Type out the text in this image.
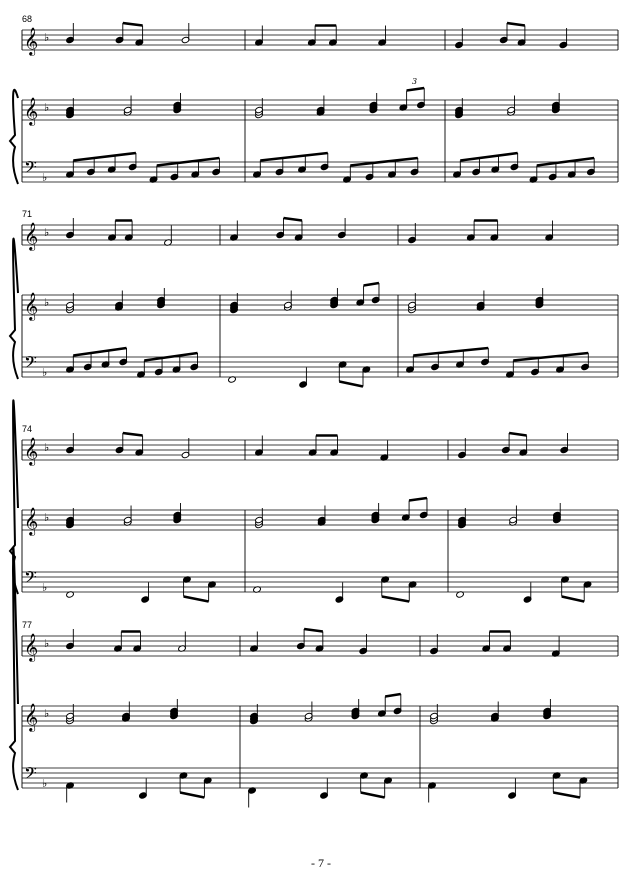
68
𝄞 ♭
𝄞 ♭
𝄢 ♭
3
71
𝄞 ♭
𝄞 ♭
𝄢 ♭
74
𝄞 ♭
𝄞 ♭
𝄢 ♭
77
𝄞 ♭
𝄞 ♭
𝄢 ♭
- 7 -
